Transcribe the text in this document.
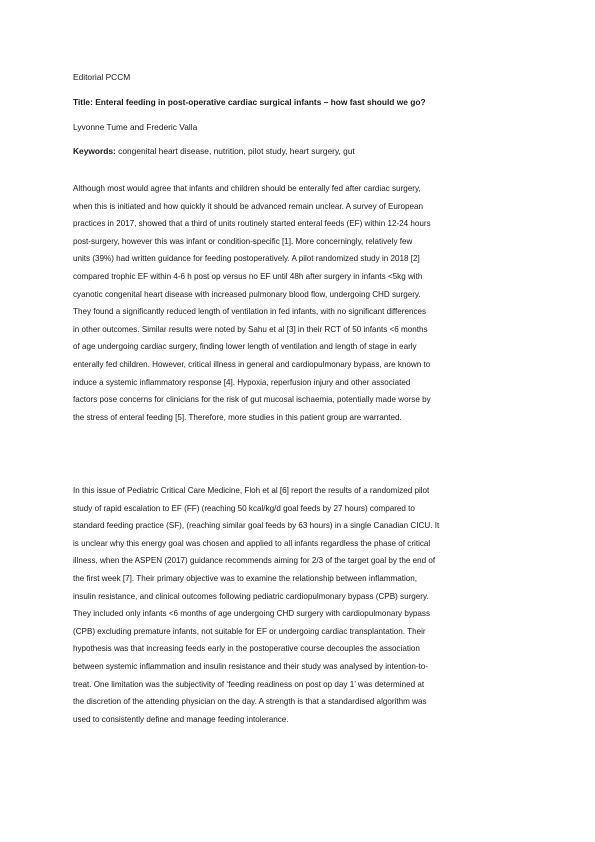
Editorial PCCM
Title: Enteral feeding in post-operative cardiac surgical infants – how fast should we go?
Lyvonne Tume and Frederic Valla
Keywords: congenital heart disease, nutrition, pilot study, heart surgery, gut
Although most would agree that infants and children should be enterally fed after cardiac surgery,
when this is initiated and how quickly it should be advanced remain unclear. A survey of European
practices in 2017, showed that a third of units routinely started enteral feeds (EF) within 12-24 hours
post-surgery, however this was infant or condition-specific [1]. More concerningly, relatively few
units (39%) had written guidance for feeding postoperatively. A pilot randomized study in 2018 [2]
compared trophic EF within 4-6 h post op versus no EF until 48h after surgery in infants <5kg with
cyanotic congenital heart disease with increased pulmonary blood flow, undergoing CHD surgery.
They found a significantly reduced length of ventilation in fed infants, with no significant differences
in other outcomes. Similar results were noted by Sahu et al [3] in their RCT of 50 infants <6 months
of age undergoing cardiac surgery, finding lower length of ventilation and length of stage in early
enterally fed children. However, critical illness in general and cardiopulmonary bypass, are known to
induce a systemic inflammatory response [4]. Hypoxia, reperfusion injury and other associated
factors pose concerns for clinicians for the risk of gut mucosal ischaemia, potentially made worse by
the stress of enteral feeding [5]. Therefore, more studies in this patient group are warranted.
In this issue of Pediatric Critical Care Medicine, Floh et al [6] report the results of a randomized pilot
study of rapid escalation to EF (FF) (reaching 50 kcal/kg/d goal feeds by 27 hours) compared to
standard feeding practice (SF), (reaching similar goal feeds by 63 hours) in a single Canadian CICU. It
is unclear why this energy goal was chosen and applied to all infants regardless the phase of critical
illness, when the ASPEN (2017) guidance recommends aiming for 2/3 of the target goal by the end of
the first week [7]. Their primary objective was to examine the relationship between inflammation,
insulin resistance, and clinical outcomes following pediatric cardiopulmonary bypass (CPB) surgery.
They included only infants <6 months of age undergoing CHD surgery with cardiopulmonary bypass
(CPB) excluding premature infants, not suitable for EF or undergoing cardiac transplantation. Their
hypothesis was that increasing feeds early in the postoperative course decouples the association
between systemic inflammation and insulin resistance and their study was analysed by intention-to-
treat. One limitation was the subjectivity of ‘feeding readiness on post op day 1’ was determined at
the discretion of the attending physician on the day. A strength is that a standardised algorithm was
used to consistently define and manage feeding intolerance.
